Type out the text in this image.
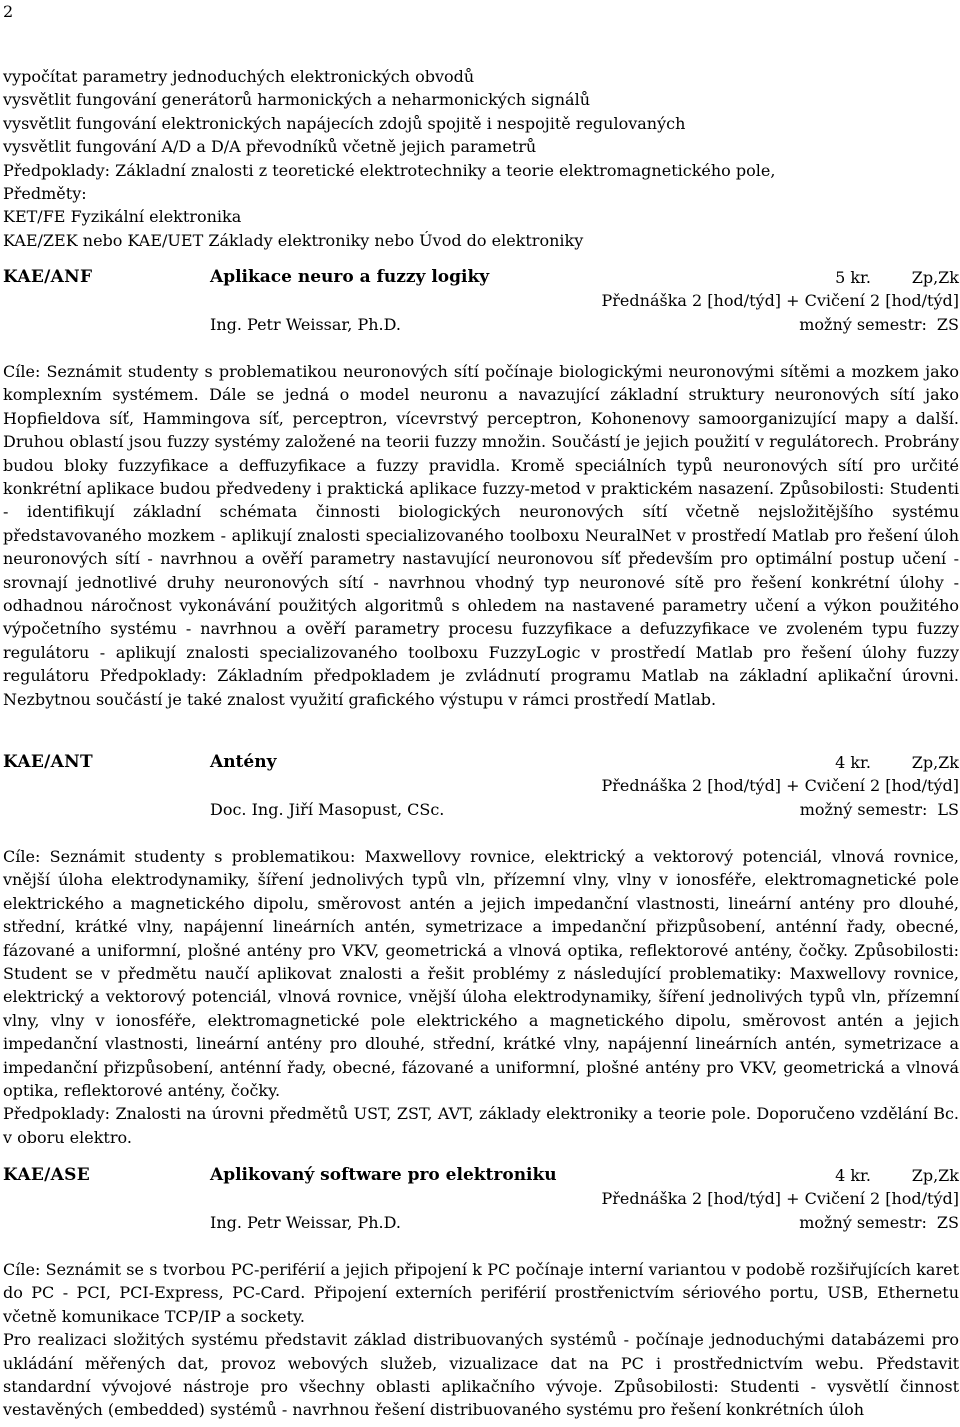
2
vypočítat parametry jednoduchých elektronických obvodů
vysvětlit fungování generátorů harmonických a neharmonických signálů
vysvětlit fungování elektronických napájecích zdojů spojitě i nespojitě regulovaných
vysvětlit fungování A/D a D/A převodníků včetně jejich parametrů
Předpoklady: Základní znalosti z teoretické elektrotechniky a teorie elektromagnetického pole,
Předměty:
KET/FE Fyzikální elektronika
KAE/ZEK nebo KAE/UET Základy elektroniky nebo Úvod do elektroniky
KAE/ANF	Aplikace neuro a fuzzy logiky	5 kr.	Zp,Zk
Přednáška 2 [hod/týd] + Cvičení 2 [hod/týd]
Ing. Petr Weissar, Ph.D.	možný semestr: ZS

Cíle: Seznámit studenty s problematikou neuronových sítí počínaje biologickými neuronovými sítěmi a mozkem jako komplexním systémem. Dále se jedná o model neuronu a navazující základní struktury neuronových sítí jako Hopfieldova síť, Hammingova síť, perceptron, vícevrstvý perceptron, Kohonenovy samoorganizující mapy a další. Druhou oblastí jsou fuzzy systémy založené na teorii fuzzy množin. Součástí je jejich použití v regulátorech. Probrány budou bloky fuzzyfikace a deffuzyfikace a fuzzy pravidla. Kromě speciálních typů neuronových sítí pro určité konkrétní aplikace budou předvedeny i praktická aplikace fuzzy-metod v praktickém nasazení. Způsobilosti: Studenti - identifikují základní schémata činnosti biologických neuronových sítí včetně nejsložitějšího systému představovaného mozkem - aplikují znalosti specializovaného toolboxu NeuralNet v prostředí Matlab pro řešení úloh neuronových sítí - navrhnou a ověří parametry nastavující neuronovou síť především pro optimální postup učení - srovnají jednotlivé druhy neuronových sítí - navrhnou vhodný typ neuronové sítě pro řešení konkrétní úlohy - odhadnou náročnost vykonávání použitých algoritmů s ohledem na nastavené parametry učení a výkon použitého výpočetního systému - navrhnou a ověří parametry procesu fuzzyfikace a defuzzyfikace ve zvoleném typu fuzzy regulátoru - aplikují znalosti specializovaného toolboxu FuzzyLogic v prostředí Matlab pro řešení úlohy fuzzy regulátoru Předpoklady: Základním předpokladem je zvládnutí programu Matlab na základní aplikační úrovni. Nezbytnou součástí je také znalost využití grafického výstupu v rámci prostředí Matlab.

KAE/ANT	Antény	4 kr.	Zp,Zk
Přednáška 2 [hod/týd] + Cvičení 2 [hod/týd]
Doc. Ing. Jiří Masopust, CSc.	možný semestr: LS

Cíle: Seznámit studenty s problematikou: Maxwellovy rovnice, elektrický a vektorový potenciál, vlnová rovnice, vnější úloha elektrodynamiky, šíření jednolivých typů vln, přízemní vlny, vlny v ionosféře, elektromagnetické pole elektrického a magnetického dipolu, směrovost antén a jejich impedanční vlastnosti, lineární antény pro dlouhé, střední, krátké vlny, napájenní lineárních antén, symetrizace a impedanční přizpůsobení, anténní řady, obecné, fázované a uniformní, plošné antény pro VKV, geometrická a vlnová optika, reflektorové antény, čočky. Způsobilosti: Student se v předmětu naučí aplikovat znalosti a řešit problémy z následující problematiky: Maxwellovy rovnice, elektrický a vektorový potenciál, vlnová rovnice, vnější úloha elektrodynamiky, šíření jednolivých typů vln, přízemní vlny, vlny v ionosféře, elektromagnetické pole elektrického a magnetického dipolu, směrovost antén a jejich impedanční vlastnosti, lineární antény pro dlouhé, střední, krátké vlny, napájenní lineárních antén, symetrizace a impedanční přizpůsobení, anténní řady, obecné, fázované a uniformní, plošné antény pro VKV, geometrická a vlnová optika, reflektorové antény, čočky.

Předpoklady: Znalosti na úrovni předmětů UST, ZST, AVT, základy elektroniky a teorie pole. Doporučeno vzdělání Bc. v oboru elektro.

KAE/ASE	Aplikovaný software pro elektroniku	4 kr.	Zp,Zk
Přednáška 2 [hod/týd] + Cvičení 2 [hod/týd]
Ing. Petr Weissar, Ph.D.	možný semestr: ZS

Cíle: Seznámit se s tvorbou PC-periférií a jejich připojení k PC počínaje interní variantou v podobě rozšiřujících karet do PC - PCI, PCI-Express, PC-Card. Připojení externích periférií prostřenictvím sériového portu, USB, Ethernetu včetně komunikace TCP/IP a sockety.

Pro realizaci složitých systému představit základ distribuovaných systémů - počínaje jednoduchými databázemi pro ukládání měřených dat, provoz webových služeb, vizualizace dat na PC i prostřednictvím webu. Představit standardní vývojové nástroje pro všechny oblasti aplikačního vývoje. Způsobilosti: Studenti - vysvětlí činnost vestavěných (embedded) systémů - navrhnou řešení distribuovaného systému pro řešení konkrétních úloh
